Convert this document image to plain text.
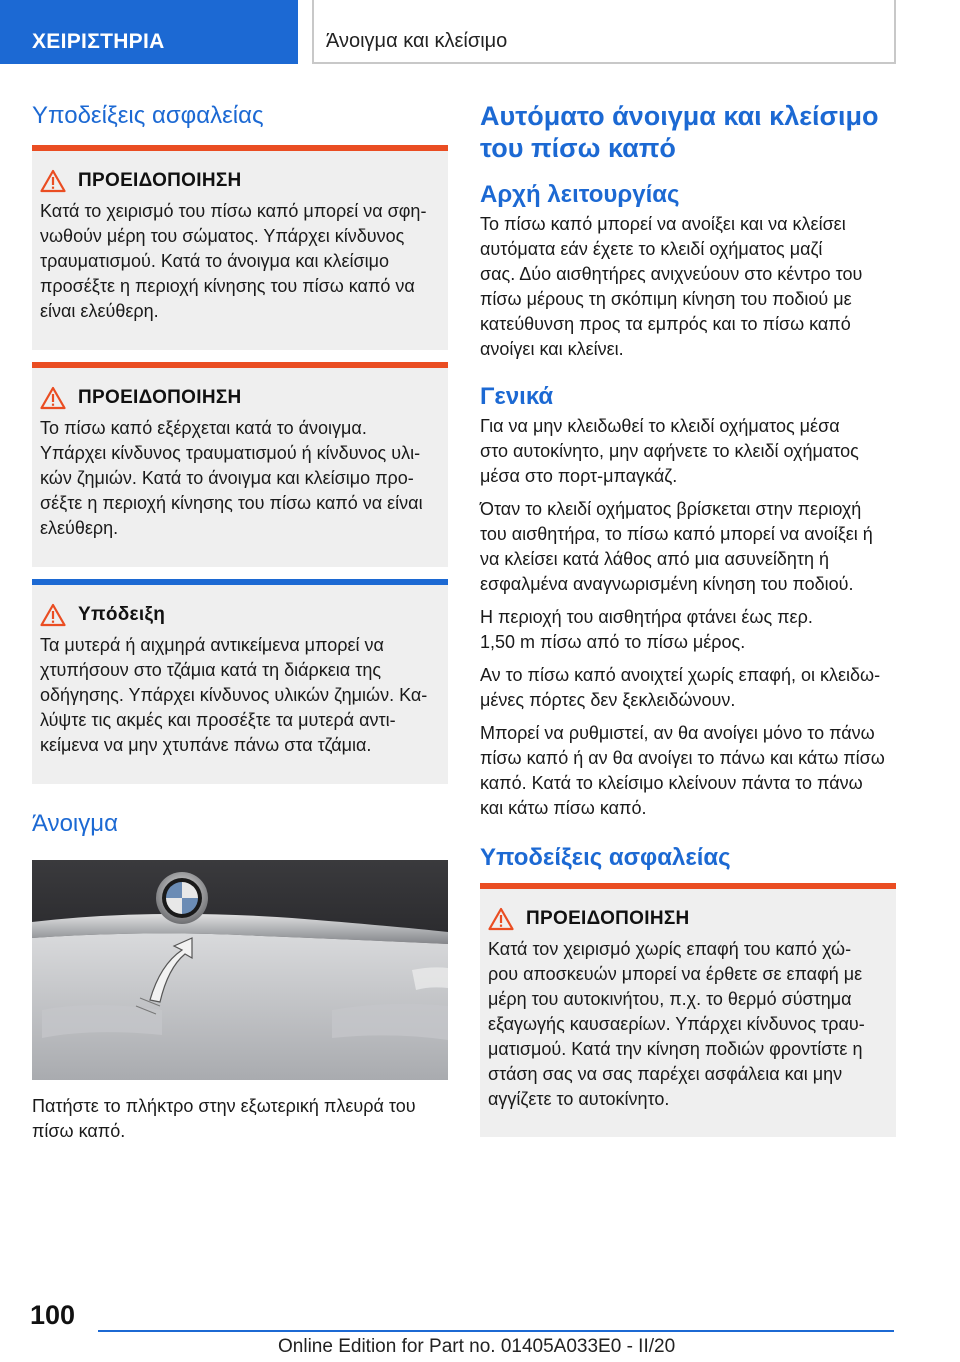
ΧΕΙΡΙΣΤΗΡΙΑ	Άνοιγμα και κλείσιμο
Υποδείξεις ασφαλείας
ΠΡΟΕΙΔΟΠΟΙΗΣΗ

Κατά το χειρισμό του πίσω καπό μπορεί να σφη-
νωθούν μέρη του σώματος. Υπάρχει κίνδυνος
τραυματισμού. Κατά το άνοιγμα και κλείσιμο
προσέξτε η περιοχή κίνησης του πίσω καπό να
είναι ελεύθερη.

ΠΡΟΕΙΔΟΠΟΙΗΣΗ

Το πίσω καπό εξέρχεται κατά το άνοιγμα.
Υπάρχει κίνδυνος τραυματισμού ή κίνδυνος υλι-
κών ζημιών. Κατά το άνοιγμα και κλείσιμο προ-
σέξτε η περιοχή κίνησης του πίσω καπό να είναι
ελεύθερη.

Υπόδειξη

Τα μυτερά ή αιχμηρά αντικείμενα μπορεί να
χτυπήσουν στο τζάμια κατά τη διάρκεια της
οδήγησης. Υπάρχει κίνδυνος υλικών ζημιών. Κα-
λύψτε τις ακμές και προσέξτε τα μυτερά αντι-
κείμενα να μην χτυπάνε πάνω στα τζάμια.

Άνοιγμα

Πατήστε το πλήκτρο στην εξωτερική πλευρά του
πίσω καπό.

Αυτόματο άνοιγμα και κλείσιμο
του πίσω καπό
Αρχή λειτουργίας

Το πίσω καπό μπορεί να ανοίξει και να κλείσει
αυτόματα εάν έχετε το κλειδί οχήματος μαζί
σας. Δύο αισθητήρες ανιχνεύουν στο κέντρο του
πίσω μέρους τη σκόπιμη κίνηση του ποδιού με
κατεύθυνση προς τα εμπρός και το πίσω καπό
ανοίγει και κλείνει.

Γενικά

Για να μην κλειδωθεί το κλειδί οχήματος μέσα
στο αυτοκίνητο, μην αφήνετε το κλειδί οχήματος
μέσα στο πορτ-μπαγκάζ.

Όταν το κλειδί οχήματος βρίσκεται στην περιοχή
του αισθητήρα, το πίσω καπό μπορεί να ανοίξει ή
να κλείσει κατά λάθος από μια ασυνείδητη ή
εσφαλμένα αναγνωρισμένη κίνηση του ποδιού.

Η περιοχή του αισθητήρα φτάνει έως περ.
1,50 m πίσω από το πίσω μέρος.

Αν το πίσω καπό ανοιχτεί χωρίς επαφή, οι κλειδω-
μένες πόρτες δεν ξεκλειδώνουν.

Μπορεί να ρυθμιστεί, αν θα ανοίγει μόνο το πάνω
πίσω καπό ή αν θα ανοίγει το πάνω και κάτω πίσω
καπό. Κατά το κλείσιμο κλείνουν πάντα το πάνω
και κάτω πίσω καπό.

Υποδείξεις ασφαλείας
ΠΡΟΕΙΔΟΠΟΙΗΣΗ

Κατά τον χειρισμό χωρίς επαφή του καπό χώ-
ρου αποσκευών μπορεί να έρθετε σε επαφή με
μέρη του αυτοκινήτου, π.χ. το θερμό σύστημα
εξαγωγής καυσαερίων. Υπάρχει κίνδυνος τραυ-
ματισμού. Κατά την κίνηση ποδιών φροντίστε η
στάση σας να σας παρέχει ασφάλεια και μην
αγγίζετε το αυτοκίνητο.

100
Online Edition for Part no. 01405A033E0 - II/20
